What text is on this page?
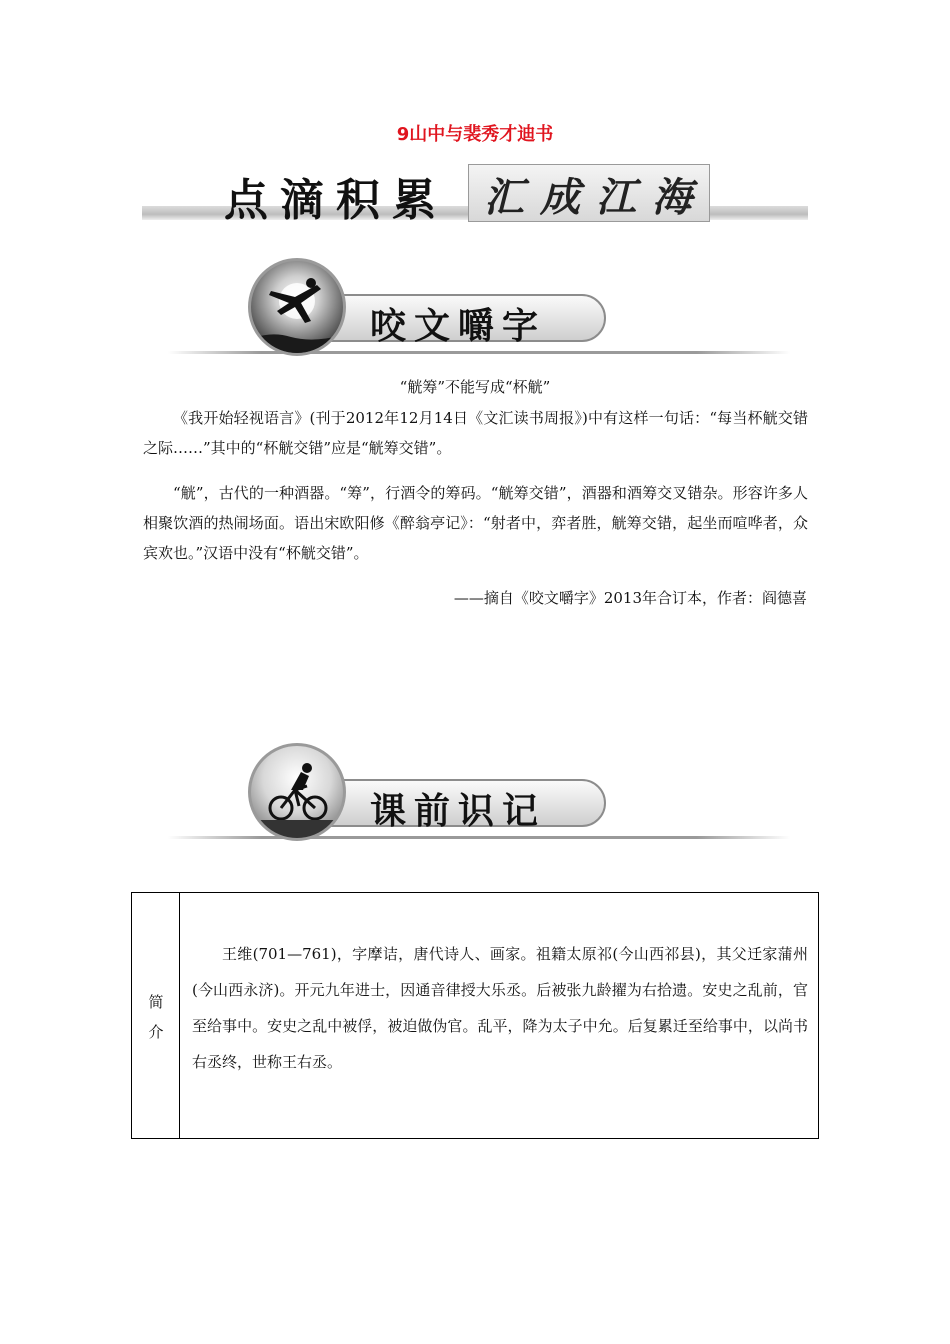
9山中与裴秀才迪书
点滴积累 汇成江海
咬文嚼字
“觥筹”不能写成“杯觥”
《我开始轻视语言》(刊于2012年12月14日《文汇读书周报》)中有这样一句话：“每当杯觥交错之际……”其中的“杯觥交错”应是“觥筹交错”。
“觥”，古代的一种酒器。“筹”，行酒令的筹码。“觥筹交错”，酒器和酒筹交叉错杂。形容许多人相聚饮酒的热闹场面。语出宋欧阳修《醉翁亭记》：“射者中，弈者胜，觥筹交错，起坐而喧哗者，众宾欢也。”汉语中没有“杯觥交错”。
——摘自《咬文嚼字》2013年合订本，作者：阎德喜
课前识记
简
介
王维(701—761)，字摩诘，唐代诗人、画家。祖籍太原祁(今山西祁县)，其父迁家蒲州(今山西永济)。开元九年进士，因通音律授大乐丞。后被张九龄擢为右拾遗。安史之乱前，官至给事中。安史之乱中被俘，被迫做伪官。乱平，降为太子中允。后复累迁至给事中，以尚书右丞终，世称王右丞。
